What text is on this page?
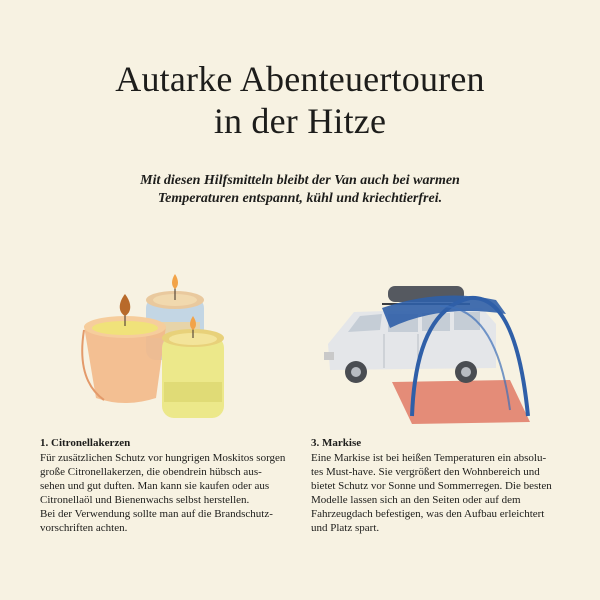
Autarke Abenteuertouren
in der Hitze

Mit diesen Hilfsmitteln bleibt der Van auch bei warmen
Temperaturen entspannt, kühl und kriechtierfrei.

1. Citronellakerzen

Für zusätzlichen Schutz vor hungrigen Moskitos sorgen
große Citronellakerzen, die obendrein hübsch aus-
sehen und gut duften. Man kann sie kaufen oder aus
Citronellaöl und Bienenwachs selbst herstellen.
Bei der Verwendung sollte man auf die Brandschutz-
vorschriften achten.

3. Markise

Eine Markise ist bei heißen Temperaturen ein absolu-
tes Must-have. Sie vergrößert den Wohnbereich und
bietet Schutz vor Sonne und Sommerregen. Die besten
Modelle lassen sich an den Seiten oder auf dem
Fahrzeugdach befestigen, was den Aufbau erleichtert
und Platz spart.
